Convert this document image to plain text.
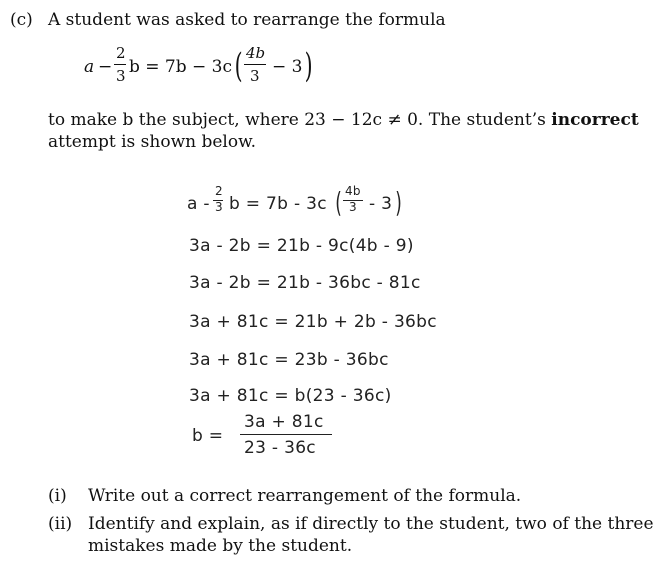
(c) A student was asked to rearrange the formula
a −
2
3 b = 7b − 3c ( 4b
3 − 3 )
to make b the subject, where 23 − 12c ≠ 0. The student’s incorrect
attempt is shown below.
a -
2
3 b = 7b - 3c ( 4b
3 - 3 )
3a - 2b = 21b - 9c(4b - 9)
3a - 2b = 21b - 36bc - 81c
3a + 81c = 21b + 2b - 36bc
3a + 81c = 23b - 36bc
3a + 81c = b(23 - 36c)
b =
3a + 81c
23 - 36c
(i) Write out a correct rearrangement of the formula.
(ii) Identify and explain, as if directly to the student, two of the three
mistakes made by the student.
